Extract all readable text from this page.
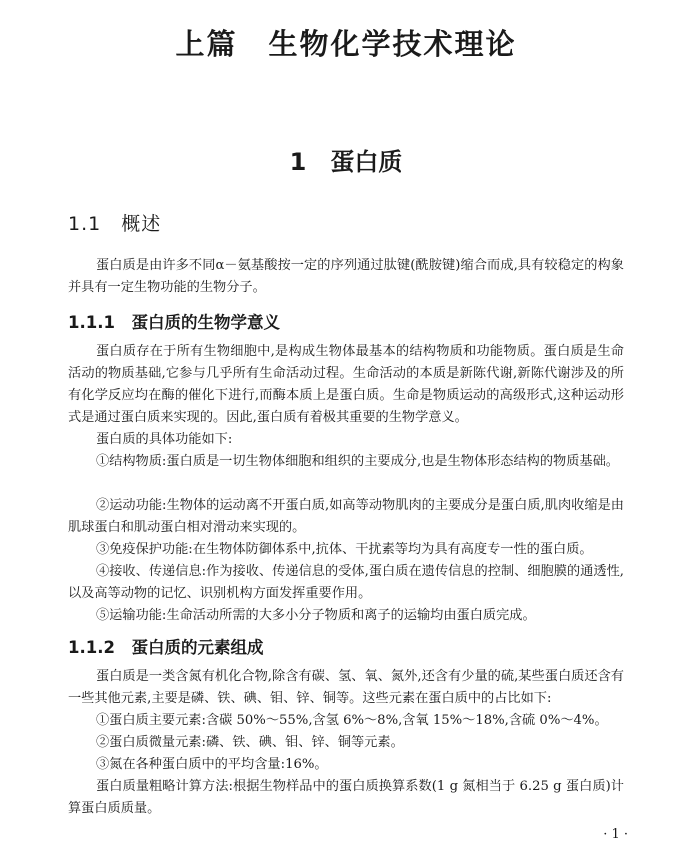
上篇　生物化学技术理论
1　蛋白质
1.1　概述

蛋白质是由许多不同α－氨基酸按一定的序列通过肽键(酰胺键)缩合而成,具有较稳定的构象并具有一定生物功能的生物分子。

1.1.1　蛋白质的生物学意义

蛋白质存在于所有生物细胞中,是构成生物体最基本的结构物质和功能物质。蛋白质是生命活动的物质基础,它参与几乎所有生命活动过程。生命活动的本质是新陈代谢,新陈代谢涉及的所有化学反应均在酶的催化下进行,而酶本质上是蛋白质。生命是物质运动的高级形式,这种运动形式是通过蛋白质来实现的。因此,蛋白质有着极其重要的生物学意义。

蛋白质的具体功能如下:

①结构物质:蛋白质是一切生物体细胞和组织的主要成分,也是生物体形态结构的物质基础。

②运动功能:生物体的运动离不开蛋白质,如高等动物肌肉的主要成分是蛋白质,肌肉收缩是由肌球蛋白和肌动蛋白相对滑动来实现的。

③免疫保护功能:在生物体防御体系中,抗体、干扰素等均为具有高度专一性的蛋白质。

④接收、传递信息:作为接收、传递信息的受体,蛋白质在遗传信息的控制、细胞膜的通透性,以及高等动物的记忆、识别机构方面发挥重要作用。

⑤运输功能:生命活动所需的大多小分子物质和离子的运输均由蛋白质完成。

1.1.2　蛋白质的元素组成

蛋白质是一类含氮有机化合物,除含有碳、氢、氧、氮外,还含有少量的硫,某些蛋白质还含有一些其他元素,主要是磷、铁、碘、钼、锌、铜等。这些元素在蛋白质中的占比如下:

①蛋白质主要元素:含碳 50%～55%,含氢 6%～8%,含氧 15%～18%,含硫 0%～4%。

②蛋白质微量元素:磷、铁、碘、钼、锌、铜等元素。

③氮在各种蛋白质中的平均含量:16%。

蛋白质量粗略计算方法:根据生物样品中的蛋白质换算系数(1 g 氮相当于 6.25 g 蛋白质)计算蛋白质质量。

· 1 ·
